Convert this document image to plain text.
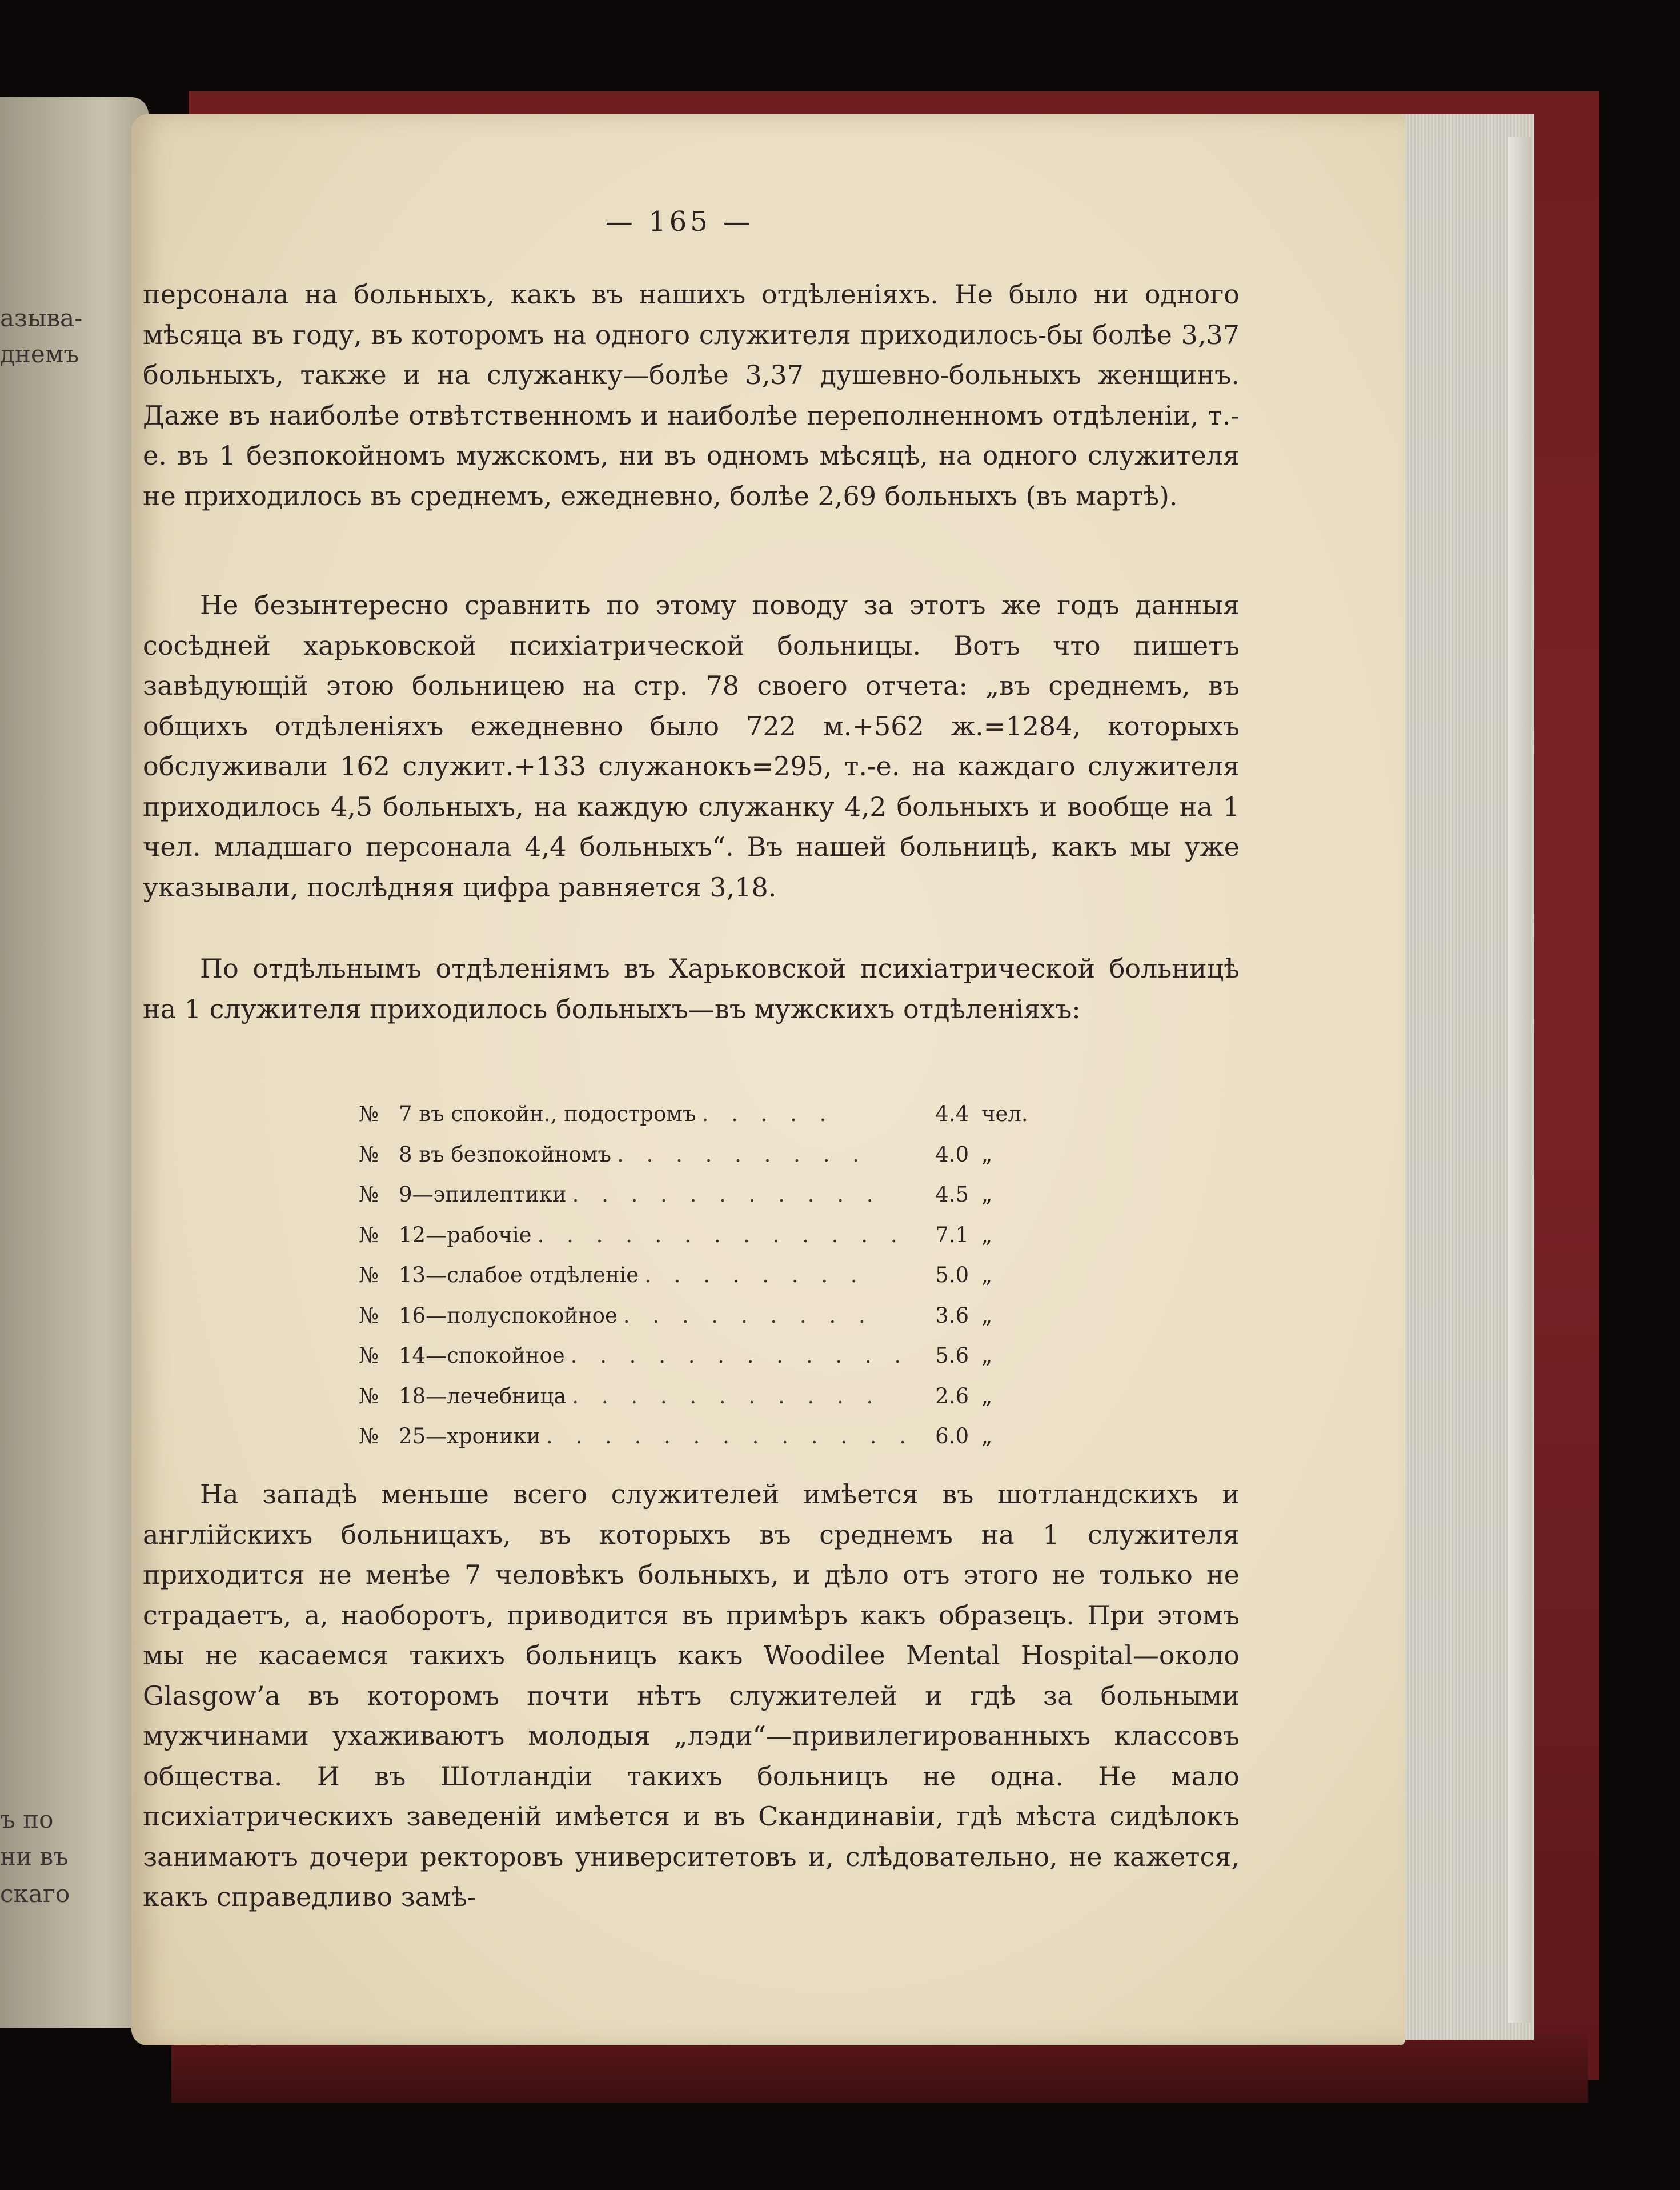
азыва-
днемъ
ъ по
ни въ
скаго
— 165 —

персонала на больныхъ, какъ въ нашихъ отдѣленіяхъ. Не было ни одного мѣсяца въ году, въ которомъ на одного служителя приходилось-бы болѣе 3,37 больныхъ, также и на служанку—болѣе 3,37 душевно-больныхъ женщинъ. Даже въ наиболѣе отвѣтственномъ и наиболѣе переполненномъ отдѣленіи, т.-е. въ 1 безпокойномъ мужскомъ, ни въ одномъ мѣсяцѣ, на одного служителя не приходилось въ среднемъ, ежедневно, болѣе 2,69 больныхъ (въ мартѣ).

Не безынтересно сравнить по этому поводу за этотъ же годъ данныя сосѣдней харьковской психіатрической больницы. Вотъ что пишетъ завѣдующій этою больницею на стр. 78 своего отчета: „въ среднемъ, въ общихъ отдѣленіяхъ ежедневно было 722 м.+562 ж.=1284, которыхъ обслуживали 162 служит.+133 служанокъ=295, т.-е. на каждаго служителя приходилось 4,5 больныхъ, на каждую служанку 4,2 больныхъ и вообще на 1 чел. младшаго персонала 4,4 больныхъ“. Въ нашей больницѣ, какъ мы уже указывали, послѣдняя цифра равняется 3,18.

По отдѣльнымъ отдѣленіямъ въ Харьковской психіатрической больницѣ на 1 служителя приходилось больныхъ—въ мужскихъ отдѣленіяхъ:

№ 7 въ спокойн., подостромъ . . . . .	4.4 чел.
№ 8 въ безпокойномъ . . . . . . . . .	4.0 „
№ 9—эпилептики . . . . . . . . . . .	4.5 „
№ 12—рабочіе . . . . . . . . . . . . .	7.1 „
№ 13—слабое отдѣленіе . . . . . . . .	5.0 „
№ 16—полуспокойное . . . . . . . . .	3.6 „
№ 14—спокойное . . . . . . . . . . . .	5.6 „
№ 18—лечебница . . . . . . . . . . .	2.6 „
№ 25—хроники . . . . . . . . . . . . .	6.0 „

На западѣ меньше всего служителей имѣется въ шотландскихъ и англійскихъ больницахъ, въ которыхъ въ среднемъ на 1 служителя приходится не менѣе 7 человѣкъ больныхъ, и дѣло отъ этого не только не страдаетъ, а, наоборотъ, приводится въ примѣръ какъ образецъ. При этомъ мы не касаемся такихъ больницъ какъ Woodilee Mental Hospital—около Glasgow’a въ которомъ почти нѣтъ служителей и гдѣ за больными мужчинами ухаживаютъ молодыя „лэди“—привилегированныхъ классовъ общества. И въ Шотландіи такихъ больницъ не одна. Не мало психіатрическихъ заведеній имѣется и въ Скандинавіи, гдѣ мѣста сидѣлокъ занимаютъ дочери ректоровъ университетовъ и, слѣдовательно, не кажется, какъ справедливо замѣ-
